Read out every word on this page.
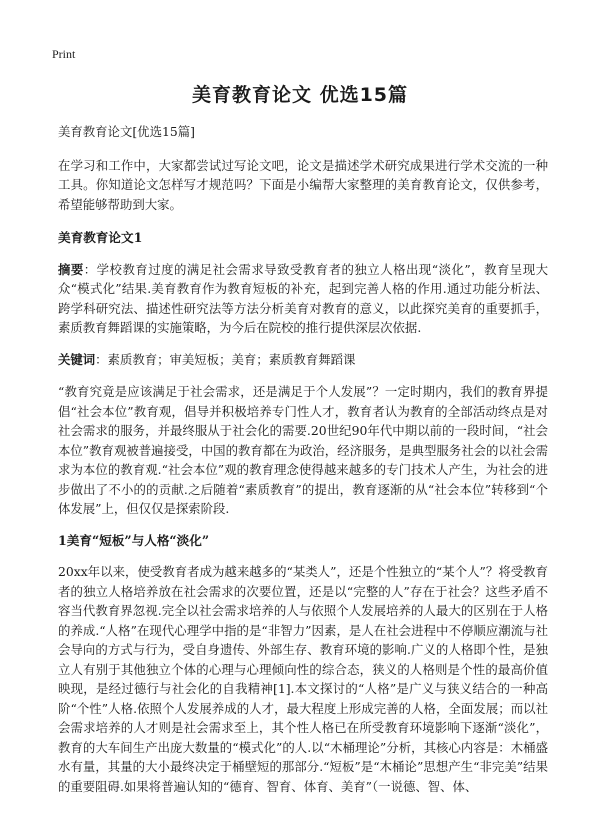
Print
美育教育论文 优选15篇

美育教育论文[优选15篇]

在学习和工作中，大家都尝试过写论文吧，论文是描述学术研究成果进行学术交流的一种工具。你知道论文怎样写才规范吗？下面是小编帮大家整理的美育教育论文，仅供参考，希望能够帮助到大家。

美育教育论文1

摘要：学校教育过度的满足社会需求导致受教育者的独立人格出现“淡化”，教育呈现大众“模式化”结果.美育教育作为教育短板的补充，起到完善人格的作用.通过功能分析法、跨学科研究法、描述性研究法等方法分析美育对教育的意义，以此探究美育的重要抓手，素质教育舞蹈课的实施策略，为今后在院校的推行提供深层次依据.

关键词：素质教育；审美短板；美育；素质教育舞蹈课

“教育究竟是应该满足于社会需求，还是满足于个人发展”？一定时期内，我们的教育界提倡“社会本位”教育观，倡导并积极培养专门性人才，教育者认为教育的全部活动终点是对社会需求的服务，并最终服从于社会化的需要.20世纪90年代中期以前的一段时间，“社会本位”教育观被普遍接受，中国的教育都在为政治，经济服务，是典型服务社会的以社会需求为本位的教育观.“社会本位”观的教育理念使得越来越多的专门技术人产生，为社会的进步做出了不小的的贡献.之后随着“素质教育”的提出，教育逐渐的从“社会本位”转移到“个体发展”上，但仅仅是探索阶段.

1美育“短板”与人格“淡化”

20xx年以来，使受教育者成为越来越多的“某类人”，还是个性独立的“某个人”？将受教育者的独立人格培养放在社会需求的次要位置，还是以“完整的人”存在于社会？这些矛盾不容当代教育界忽视.完全以社会需求培养的人与依照个人发展培养的人最大的区别在于人格的养成.“人格”在现代心理学中指的是“非智力”因素，是人在社会进程中不停顺应潮流与社会导向的方式与行为，受自身遗传、外部生存、教育环境的影响.广义的人格即个性，是独立人有别于其他独立个体的心理与心理倾向性的综合态，狭义的人格则是个性的最高价值映现，是经过德行与社会化的自我精神[1].本文探讨的“人格”是广义与狭义结合的一种高阶“个性”人格.依照个人发展养成的人才，最大程度上形成完善的人格，全面发展；而以社会需求培养的人才则是社会需求至上，其个性人格已在所受教育环境影响下逐渐“淡化”，教育的大车间生产出庞大数量的“模式化”的人.以“木桶理论”分析，其核心内容是：木桶盛水有量，其量的大小最终决定于桶壁短的那部分.“短板”是“木桶论”思想产生“非完美”结果的重要阻碍.如果将普遍认知的“德育、智育、体育、美育”（一说德、智、体、
